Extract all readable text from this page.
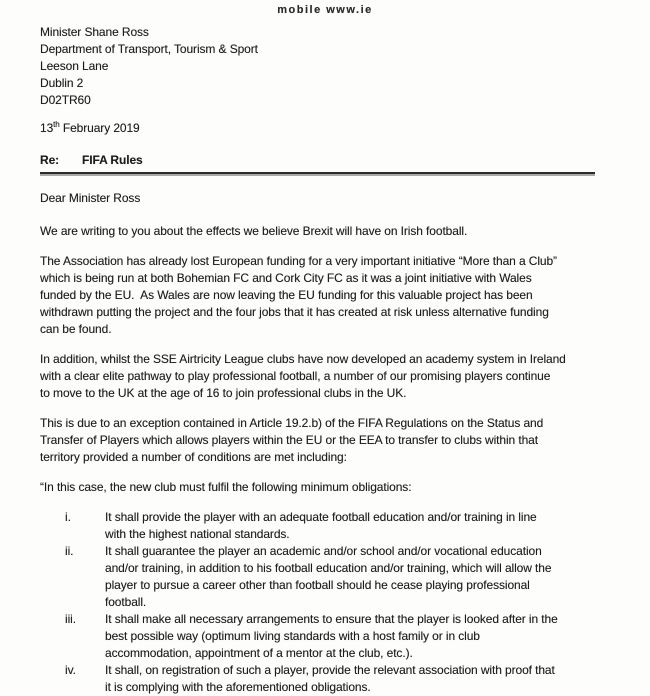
mobile www.ie
Minister Shane Ross
Department of Transport, Tourism & Sport
Leeson Lane
Dublin 2
D02TR60
13th February 2019
Re: FIFA Rules
Dear Minister Ross

We are writing to you about the effects we believe Brexit will have on Irish football.

The Association has already lost European funding for a very important initiative “More than a Club”
which is being run at both Bohemian FC and Cork City FC as it was a joint initiative with Wales
funded by the EU.  As Wales are now leaving the EU funding for this valuable project has been
withdrawn putting the project and the four jobs that it has created at risk unless alternative funding
can be found.

In addition, whilst the SSE Airtricity League clubs have now developed an academy system in Ireland
with a clear elite pathway to play professional football, a number of our promising players continue
to move to the UK at the age of 16 to join professional clubs in the UK.

This is due to an exception contained in Article 19.2.b) of the FIFA Regulations on the Status and
Transfer of Players which allows players within the EU or the EEA to transfer to clubs within that
territory provided a number of conditions are met including:

“In this case, the new club must fulfil the following minimum obligations:

i.	It shall provide the player with an adequate football education and/or training in line
with the highest national standards.
ii.	It shall guarantee the player an academic and/or school and/or vocational education
and/or training, in addition to his football education and/or training, which will allow the
player to pursue a career other than football should he cease playing professional
football.
iii.	It shall make all necessary arrangements to ensure that the player is looked after in the
best possible way (optimum living standards with a host family or in club
accommodation, appointment of a mentor at the club, etc.).
iv.	It shall, on registration of such a player, provide the relevant association with proof that
it is complying with the aforementioned obligations.
